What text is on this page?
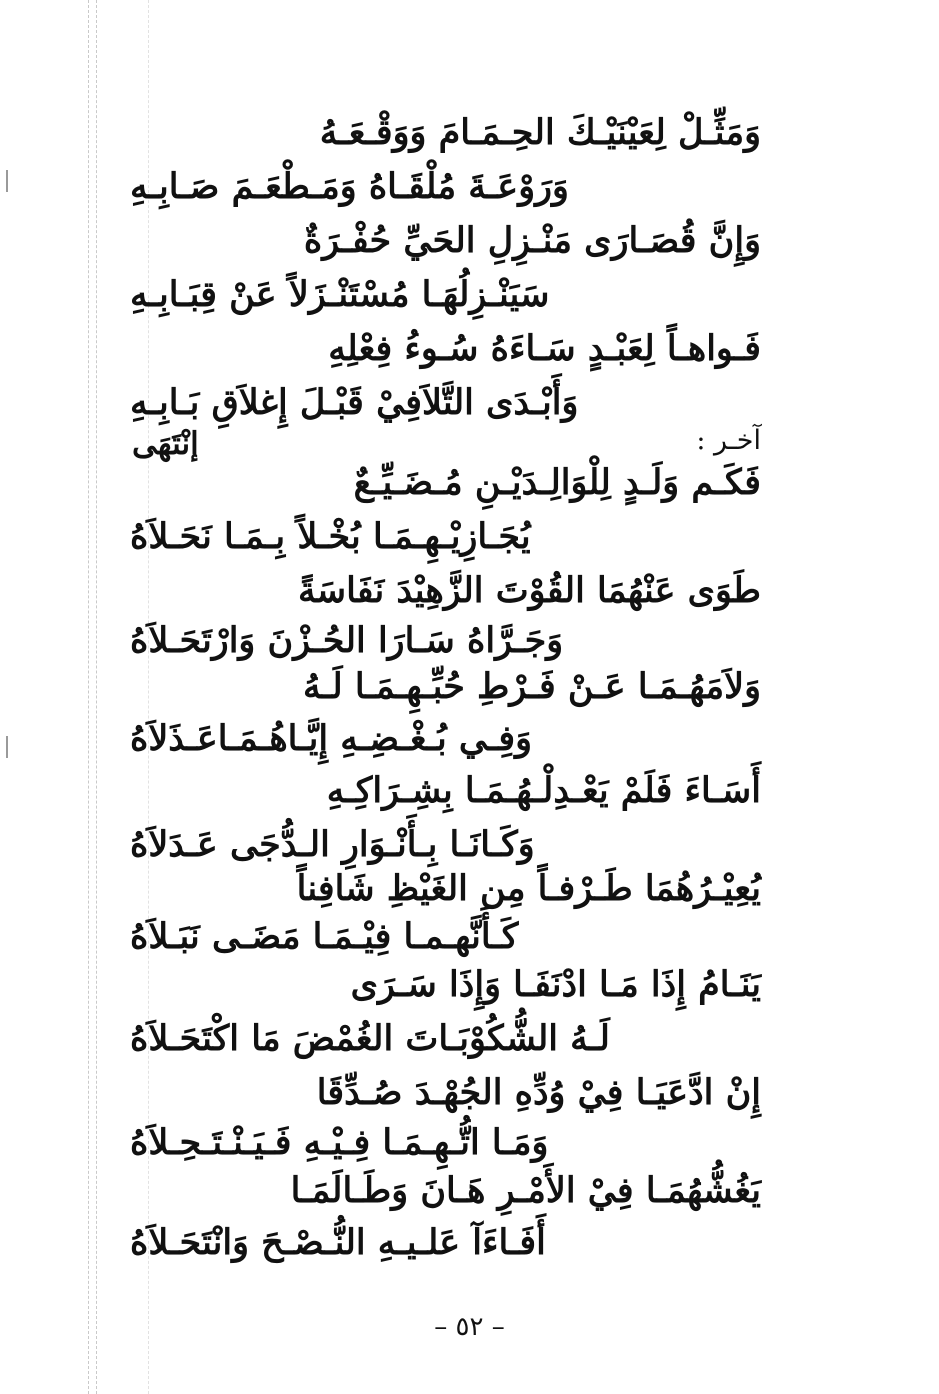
وَمَثِّـلْ لِعَيْنَيْـكَ الحِـمَـامَ وَوَقْـعَـهُ
وَرَوْعَـةَ مُلْقَـاهُ وَمَـطْعَـمَ صَـابِـهِ
وَإِنَّ قُصَـارَى مَنْـزِلِ الحَيِّ حُفْـرَةٌ
سَيَنْـزِلُهَـا مُسْتَنْـزَلاً عَنْ قِبَـابِـهِ
فَـواهـاً لِعَبْـدٍ سَـاءَهُ سُـوءُ فِعْلِهِ
وَأَبْـدَى التَّلاَفِيْ قَبْـلَ إِغلاَقِ بَـابِـهِ
آخـر :
إنْتَهَى
فَكَـم وَلَـدٍ لِلْوَالِـدَيْـنِ مُـضَـيِّـعٌ
يُجَـازِيْـهِـمَـا بُخْـلاً بِـمَـا نَحَـلاَهُ
طَوَى عَنْهُمَا القُوْتَ الزَّهِيْدَ نَفَاسَةً
وَجَـرَّاهُ سَـارَا الحُـزْنَ وَارْتَحَـلاَهُ
وَلاَمَهُـمَـا عَـنْ فَـرْطِ حُبِّـهِـمَـا لَـهُ
وَفِـي بُـغْـضِـهِ إِيَّـاهُـمَـاعَـذَلاَهُ
أَسَـاءَ فَلَمْ يَعْـدِلْـهُـمَـا بِشِـرَاكِـهِ
وَكَـانَـا بِـأَنْـوَارِ الـدُّجَى عَـدَلاَهُ
يُعِيْـرُهُمَا طَـرْفـاً مِن الغَيْظِ شَافِناً
كَـأَنَّهـمـا فِيْـمَـا مَضَـى نَبَـلاَهُ
يَنَـامُ إِذَا مَـا ادْنَفَـا وَإِذَا سَـرَى
لَـهُ الشُّكُوْبَـاتَ الغُمْضَ مَا اكْتَحَـلاَهُ
إِنْ ادَّعَيَـا فِيْ وُدِّهِ الجُهْـدَ صُـدِّقَا
وَمَـا اتُّـهِـمَـا فِـيْـهِ فَـيَـنْـتَـحِـلاَهُ
يَغُشُّهُمَـا فِيْ الأَمْـرِ هَـانَ وَطَـالَمَـا
أَفَـاءَآ عَلـيـهِ النُّـصْـحَ وَانْتَحَـلاَهُ
– ٥٢ –
